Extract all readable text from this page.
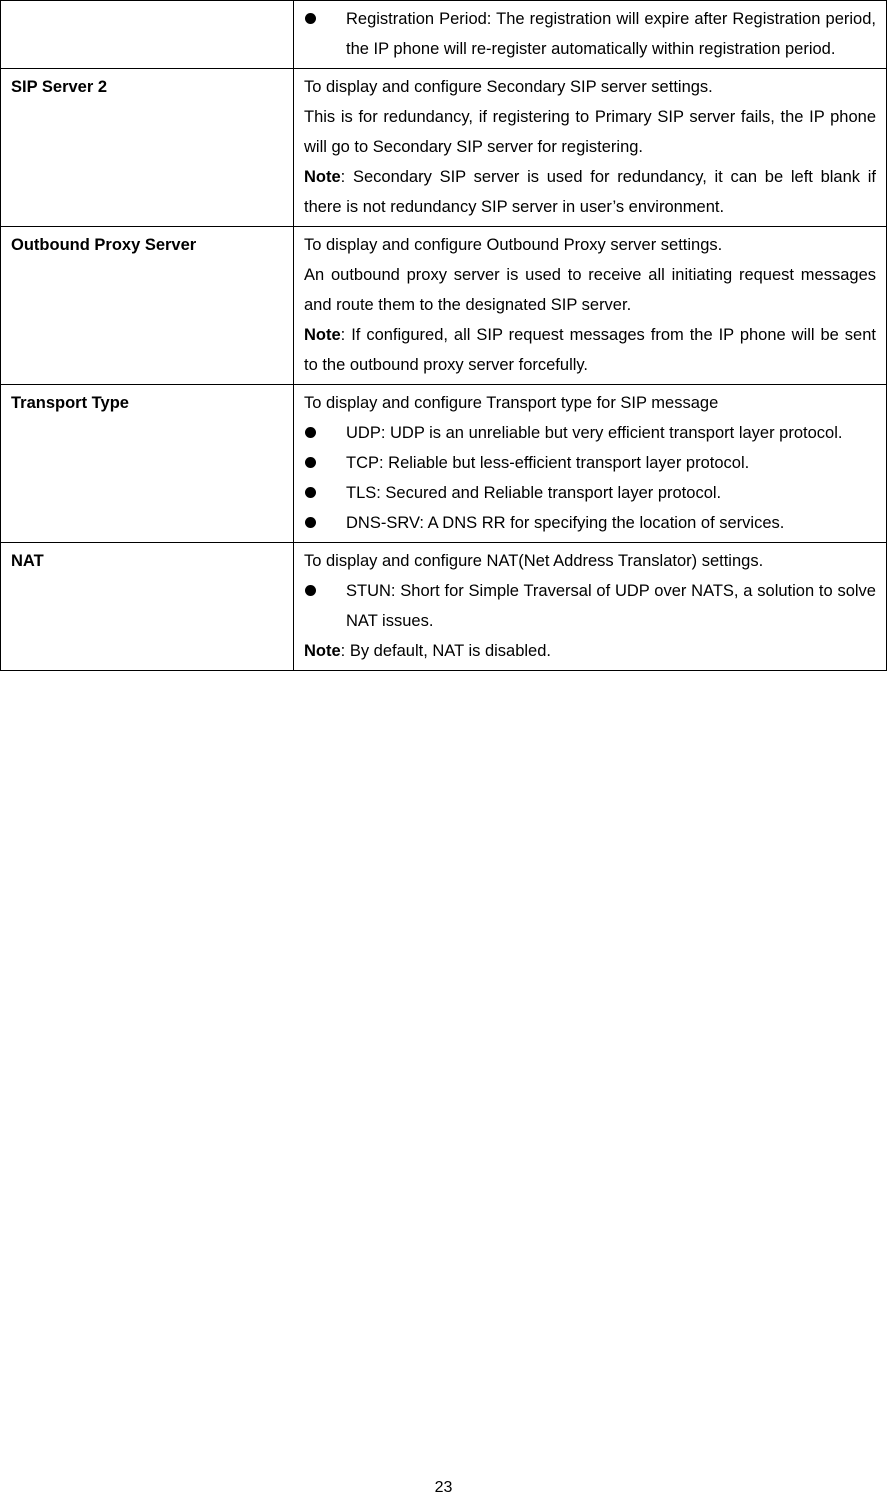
Registration Period: The registration will expire after Registration period, the IP phone will re-register automatically within registration period.

SIP Server 2	To display and configure Secondary SIP server settings.
This is for redundancy, if registering to Primary SIP server fails, the IP phone will go to Secondary SIP server for registering.
Note: Secondary SIP server is used for redundancy, it can be left blank if there is not redundancy SIP server in user’s environment.

Outbound Proxy Server	To display and configure Outbound Proxy server settings.
An outbound proxy server is used to receive all initiating request messages and route them to the designated SIP server.
Note: If configured, all SIP request messages from the IP phone will be sent to the outbound proxy server forcefully.

Transport Type	To display and configure Transport type for SIP message
UDP: UDP is an unreliable but very efficient transport layer protocol.
TCP: Reliable but less-efficient transport layer protocol.
TLS: Secured and Reliable transport layer protocol.
DNS-SRV: A DNS RR for specifying the location of services.

NAT	To display and configure NAT(Net Address Translator) settings.
STUN: Short for Simple Traversal of UDP over NATS, a solution to solve NAT issues.
Note: By default, NAT is disabled.
23
